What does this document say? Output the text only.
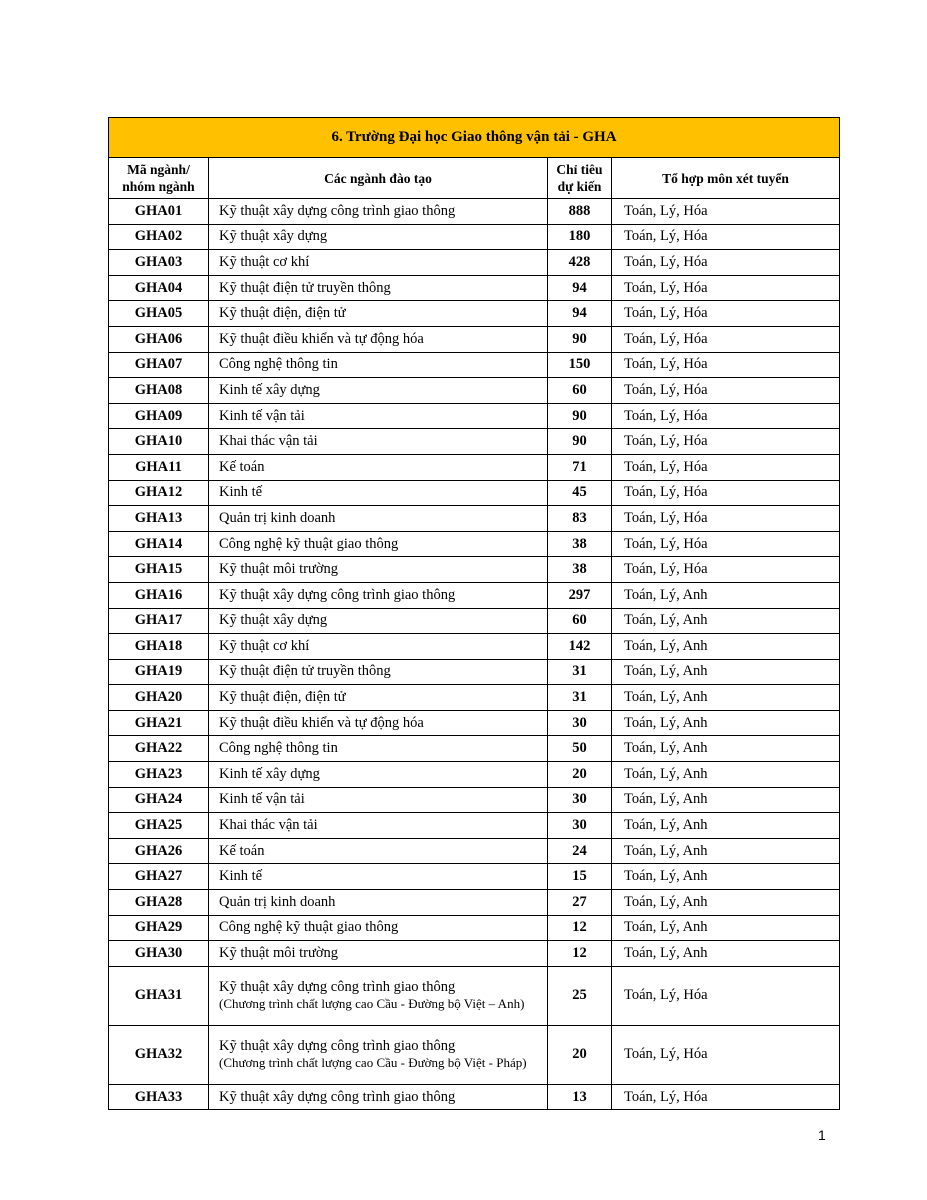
6. Trường Đại học Giao thông vận tải - GHA			
Mã ngành/ nhóm ngành	Các ngành đào tạo	Chỉ tiêu dự kiến	Tổ hợp môn xét tuyển
GHA01	Kỹ thuật xây dựng công trình giao thông	888	Toán, Lý, Hóa
GHA02	Kỹ thuật xây dựng	180	Toán, Lý, Hóa
GHA03	Kỹ thuật cơ khí	428	Toán, Lý, Hóa
GHA04	Kỹ thuật điện tử truyền thông	94	Toán, Lý, Hóa
GHA05	Kỹ thuật điện, điện tử	94	Toán, Lý, Hóa
GHA06	Kỹ thuật điều khiển và tự động hóa	90	Toán, Lý, Hóa
GHA07	Công nghệ thông tin	150	Toán, Lý, Hóa
GHA08	Kinh tế xây dựng	60	Toán, Lý, Hóa
GHA09	Kinh tế vận tải	90	Toán, Lý, Hóa
GHA10	Khai thác vận tải	90	Toán, Lý, Hóa
GHA11	Kế toán	71	Toán, Lý, Hóa
GHA12	Kinh tế	45	Toán, Lý, Hóa
GHA13	Quản trị kinh doanh	83	Toán, Lý, Hóa
GHA14	Công nghệ kỹ thuật giao thông	38	Toán, Lý, Hóa
GHA15	Kỹ thuật môi trường	38	Toán, Lý, Hóa
GHA16	Kỹ thuật xây dựng công trình giao thông	297	Toán, Lý, Anh
GHA17	Kỹ thuật xây dựng	60	Toán, Lý, Anh
GHA18	Kỹ thuật cơ khí	142	Toán, Lý, Anh
GHA19	Kỹ thuật điện tử truyền thông	31	Toán, Lý, Anh
GHA20	Kỹ thuật điện, điện tử	31	Toán, Lý, Anh
GHA21	Kỹ thuật điều khiển và tự động hóa	30	Toán, Lý, Anh
GHA22	Công nghệ thông tin	50	Toán, Lý, Anh
GHA23	Kinh tế xây dựng	20	Toán, Lý, Anh
GHA24	Kinh tế vận tải	30	Toán, Lý, Anh
GHA25	Khai thác vận tải	30	Toán, Lý, Anh
GHA26	Kế toán	24	Toán, Lý, Anh
GHA27	Kinh tế	15	Toán, Lý, Anh
GHA28	Quản trị kinh doanh	27	Toán, Lý, Anh
GHA29	Công nghệ kỹ thuật giao thông	12	Toán, Lý, Anh
GHA30	Kỹ thuật môi trường	12	Toán, Lý, Anh
GHA31	Kỹ thuật xây dựng công trình giao thông
(Chương trình chất lượng cao Cầu - Đường bộ Việt – Anh)	25	Toán, Lý, Hóa
GHA32	Kỹ thuật xây dựng công trình giao thông
(Chương trình chất lượng cao Cầu - Đường bộ Việt - Pháp)	20	Toán, Lý, Hóa
GHA33	Kỹ thuật xây dựng công trình giao thông	13	Toán, Lý, Hóa
1
